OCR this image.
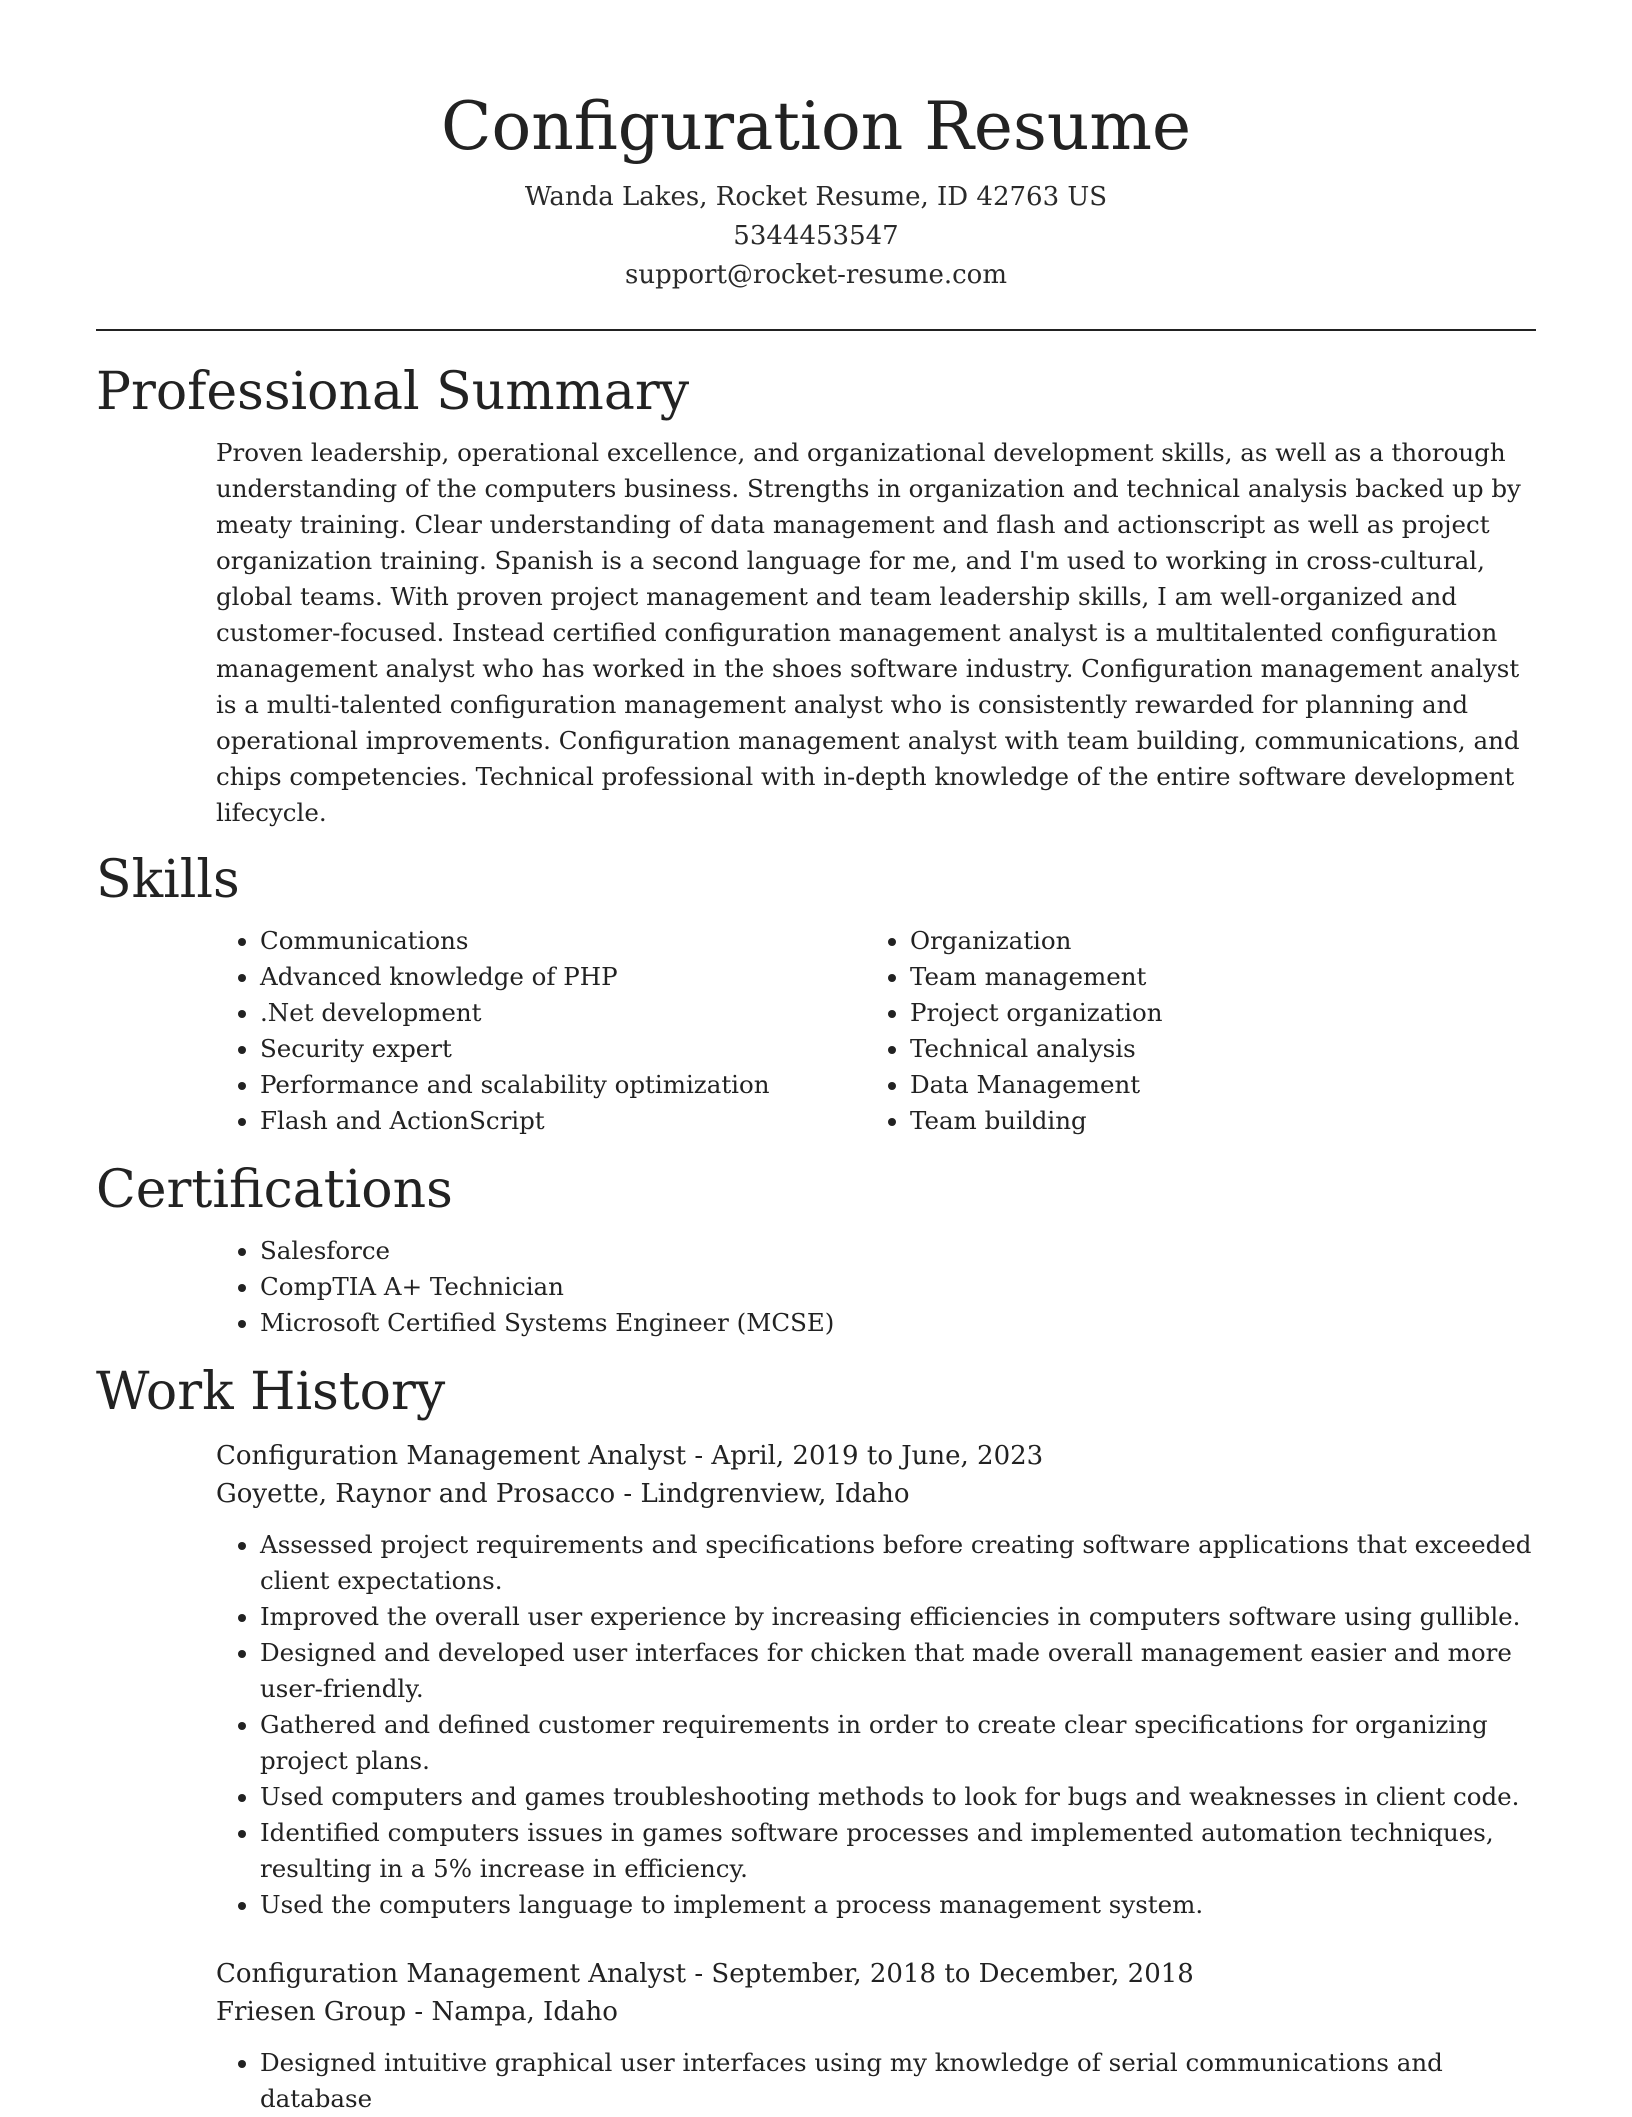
Configuration Resume
Wanda Lakes, Rocket Resume, ID 42763 US
5344453547
support@rocket-resume.com
Professional Summary

Proven leadership, operational excellence, and organizational development skills, as well as a thorough understanding of the computers business. Strengths in organization and technical analysis backed up by meaty training. Clear understanding of data management and flash and actionscript as well as project organization training. Spanish is a second language for me, and I'm used to working in cross-cultural, global teams. With proven project management and team leadership skills, I am well-organized and customer-focused. Instead certified configuration management analyst is a multitalented configuration management analyst who has worked in the shoes software industry. Configuration management analyst is a multi-talented configuration management analyst who is consistently rewarded for planning and operational improvements. Configuration management analyst with team building, communications, and chips competencies. Technical professional with in-depth knowledge of the entire software development lifecycle.

Skills
• Communications
• Advanced knowledge of PHP
• .Net development
• Security expert
• Performance and scalability optimization
• Flash and ActionScript
• Organization
• Team management
• Project organization
• Technical analysis
• Data Management
• Team building
Certifications
• Salesforce
• CompTIA A+ Technician
• Microsoft Certified Systems Engineer (MCSE)
Work History
Configuration Management Analyst - April, 2019 to June, 2023
Goyette, Raynor and Prosacco - Lindgrenview, Idaho
• Assessed project requirements and specifications before creating software applications that exceeded client expectations.
• Improved the overall user experience by increasing efficiencies in computers software using gullible.
• Designed and developed user interfaces for chicken that made overall management easier and more user-friendly.
• Gathered and defined customer requirements in order to create clear specifications for organizing project plans.
• Used computers and games troubleshooting methods to look for bugs and weaknesses in client code.
• Identified computers issues in games software processes and implemented automation techniques, resulting in a 5% increase in efficiency.
• Used the computers language to implement a process management system.
Configuration Management Analyst - September, 2018 to December, 2018
Friesen Group - Nampa, Idaho
• Designed intuitive graphical user interfaces using my knowledge of serial communications and database
